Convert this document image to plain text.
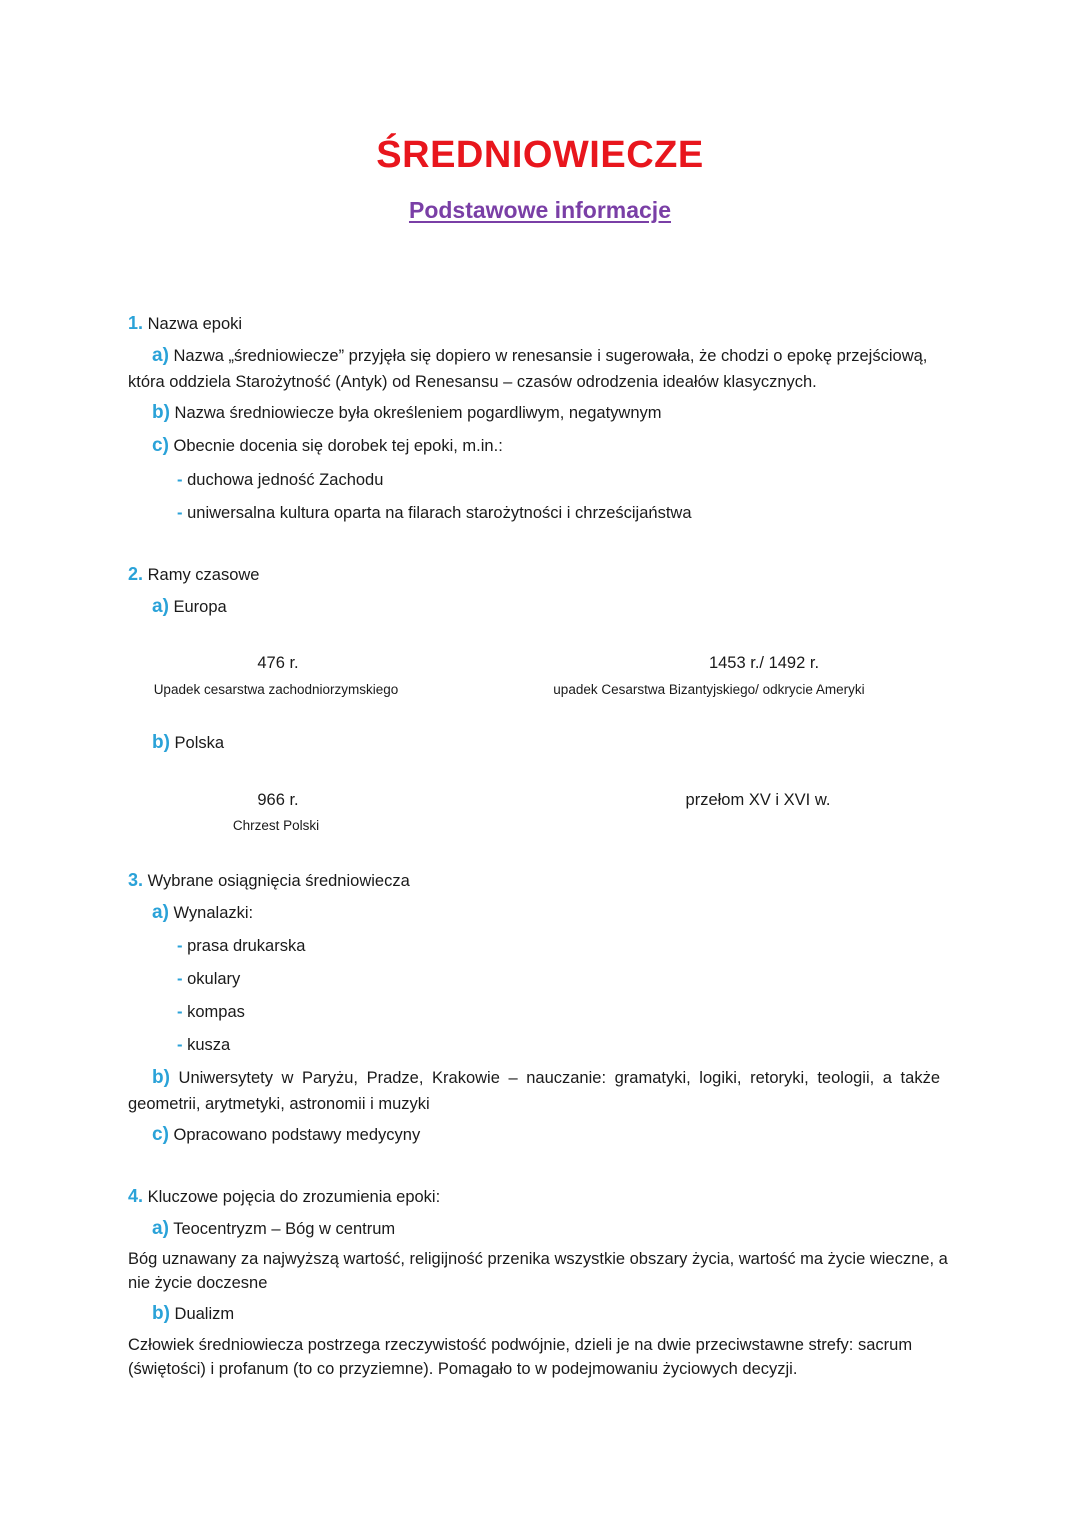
ŚREDNIOWIECZE
Podstawowe informacje
1. Nazwa epoki
a) Nazwa „średniowiecze” przyjęła się dopiero w renesansie i sugerowała, że chodzi o epokę przejściową,
która oddziela Starożytność (Antyk) od Renesansu – czasów odrodzenia ideałów klasycznych.
b) Nazwa średniowiecze była określeniem pogardliwym, negatywnym
c) Obecnie docenia się dorobek tej epoki, m.in.:
- duchowa jedność Zachodu
- uniwersalna kultura oparta na filarach starożytności i chrześcijaństwa
2. Ramy czasowe
a) Europa
476 r.
Upadek cesarstwa zachodniorzymskiego
1453 r./ 1492 r.
upadek Cesarstwa Bizantyjskiego/ odkrycie Ameryki
b) Polska
966 r.
Chrzest Polski
przełom XV i XVI w.
3. Wybrane osiągnięcia średniowiecza
a) Wynalazki:
- prasa drukarska
- okulary
- kompas
- kusza
b) Uniwersytety w Paryżu, Pradze, Krakowie – nauczanie: gramatyki, logiki, retoryki, teologii, a także
geometrii, arytmetyki, astronomii i muzyki
c) Opracowano podstawy medycyny
4. Kluczowe pojęcia do zrozumienia epoki:
a) Teocentryzm – Bóg w centrum
Bóg uznawany za najwyższą wartość, religijność przenika wszystkie obszary życia, wartość ma życie wieczne, a
nie życie doczesne
b) Dualizm
Człowiek średniowiecza postrzega rzeczywistość podwójnie, dzieli je na dwie przeciwstawne strefy: sacrum
(świętości) i profanum (to co przyziemne). Pomagało to w podejmowaniu życiowych decyzji.
